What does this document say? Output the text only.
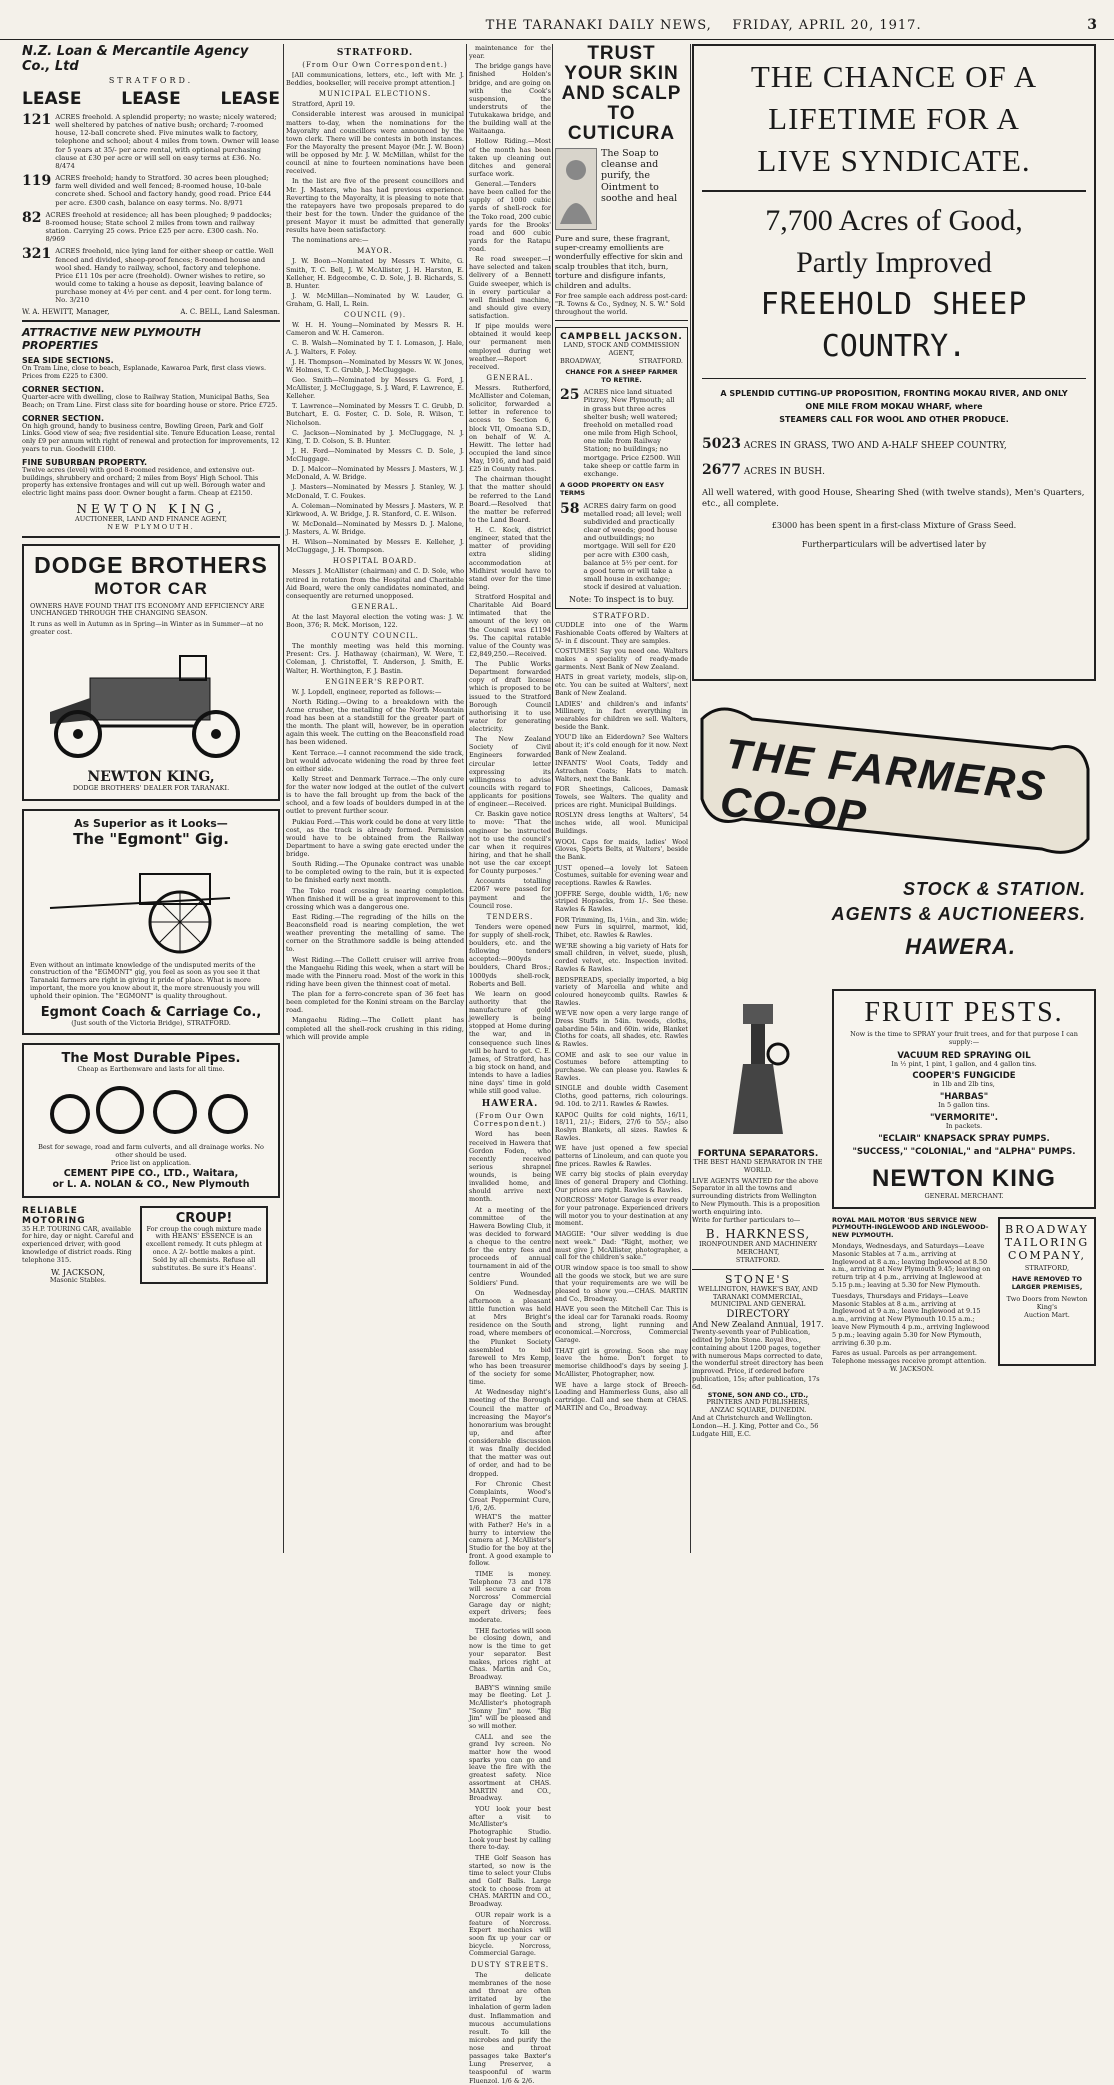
THE TARANAKI DAILY NEWS, FRIDAY, APRIL 20, 1917.	3
N.Z. Loan & Mercantile Agency Co., Ltd
STRATFORD.
LEASE LEASE LEASE
121 ACRES freehold. A splendid property; no waste; nicely watered; well sheltered by patches of native bush; orchard; 7-roomed house, 12-ball concrete shed. Five minutes walk to factory, telephone and school; about 4 miles from town. Owner will lease for 5 years at 35/- per acre rental, with optional purchasing clause at £30 per acre or will sell on easy terms at £36. No. 8/474
119 ACRES freehold; handy to Stratford. 30 acres been ploughed; farm well divided and well fenced; 8-roomed house, 10-bale concrete shed. School and factory handy, good road. Price £44 per acre. £300 cash, balance on easy terms. No. 8/971
82 ACRES freehold at residence; all has been ploughed; 9 paddocks; 8-roomed house; State school 2 miles from town and railway station. Carrying 25 cows. Price £25 per acre. £300 cash. No. 8/969
321 ACRES freehold, nice lying land for either sheep or cattle. Well fenced and divided, sheep-proof fences; 8-roomed house and wool shed. Handy to railway, school, factory and telephone. Price £11 10s per acre (freehold). Owner wishes to retire, so would come to taking a house as deposit, leaving balance of purchase money at 4½ per cent. and 4 per cent. for long term. No. 3/210
W. A. HEWITT, Manager,	A. C. BELL, Land Salesman.
ATTRACTIVE NEW PLYMOUTH PROPERTIES
SEA SIDE SECTIONS.
On Tram Line, close to beach, Esplanade, Kawaroa Park, first class views. Prices from £225 to £300.
CORNER SECTION.
Quarter-acre with dwelling, close to Railway Station, Municipal Baths, Sea Beach; on Tram Line. First class site for boarding house or store. Price £725.
CORNER SECTION.
On high ground, handy to business centre, Bowling Green, Park and Golf Links. Good view of sea; five residential site. Tenure Education Lease, rental only £9 per annum with right of renewal and protection for improvements, 12 years to run. Goodwill £100.
FINE SUBURBAN PROPERTY.
Twelve acres (level) with good 8-roomed residence, and extensive out-buildings, shrubbery and orchard; 2 miles from Boys' High School. This property has extensive frontages and will cut up well. Borough water and electric light mains pass door. Owner bought a farm. Cheap at £2150.
NEWTON KING,
AUCTIONEER, LAND AND FINANCE AGENT,
NEW PLYMOUTH.
DODGE BROTHERS
MOTOR CAR
OWNERS HAVE FOUND THAT ITS ECONOMY AND EFFICIENCY ARE UNCHANGED THROUGH THE CHANGING SEASON.
It runs as well in Autumn as in Spring—in Winter as in Summer—at no greater cost.
NEWTON KING,
DODGE BROTHERS' DEALER FOR TARANAKI.
As Superior as it Looks—
The "Egmont" Gig.
Even without an intimate knowledge of the undisputed merits of the construction of the "EGMONT" gig, you feel as soon as you see it that Taranaki farmers are right in giving it pride of place. What is more important, the more you know about it, the more strenuously you will uphold their opinion. The "EGMONT" is quality throughout.
Egmont Coach & Carriage Co.,
(Just south of the Victoria Bridge), STRATFORD.
The Most Durable Pipes.
Cheap as Earthenware and lasts for all time.
Best for sewage, road and farm culverts, and all drainage works. No other should be used.
Price list on application.
CEMENT PIPE CO., LTD., Waitara,
or L. A. NOLAN & CO., New Plymouth
RELIABLE MOTORING
35 H.P. TOURING CAR, available for hire, day or night. Careful and experienced driver, with good knowledge of district roads. Ring telephone 315.
W. JACKSON,
Masonic Stables.
CROUP!
For croup the cough mixture made with HEANS' ESSENCE is an excellent remedy. It cuts phlegm at once. A 2/- bottle makes a pint. Sold by all chemists. Refuse all substitutes. Be sure it's Heans'.
STRATFORD.
(From Our Own Correspondent.)

[All communications, letters, etc., left with Mr. J. Beddies, bookseller, will receive prompt attention.]

MUNICIPAL ELECTIONS.

Stratford, April 19.

Considerable interest was aroused in municipal matters to-day, when the nominations for the Mayoralty and councillors were announced by the town clerk. There will be contests in both instances. For the Mayoralty the present Mayor (Mr. J. W. Boon) will be opposed by Mr. J. W. McMillan, whilst for the council at nine to fourteen nominations have been received.

In the list are five of the present councillors and Mr. J. Masters, who has had previous experience. Reverting to the Mayoralty, it is pleasing to note that the ratepayers have two proposals prepared to do their best for the town. Under the guidance of the present Mayor it must be admitted that generally results have been satisfactory.

The nominations are:—

MAYOR.

J. W. Boon—Nominated by Messrs T. White, G. Smith, T. C. Bell, J. W. McAllister, J. H. Harston, E. Kelleher, H. Edgecombe, C. D. Sole, J. B. Richards, S. B. Hunter.

J. W. McMillan—Nominated by W. Lauder, G. Graham, G. Hall, L. Rein.

COUNCIL (9).

W. H. H. Young—Nominated by Messrs R. H. Cameron and W. H. Cameron.

C. B. Walsh—Nominated by T. I. Lomason, J. Hale, A. J. Walters, F. Foley.

J. H. Thompson—Nominated by Messrs W. W. Jones, W. Holmes, T. C. Grubb, J. McCluggage.

Geo. Smith—Nominated by Messrs G. Ford, J. McAllister, J. McCluggage, S. J. Ward, F. Lawrence, E. Kelleher.

T. Lawrence—Nominated by Messrs T. C. Grubb, D. Butchart, E. G. Foster, C. D. Sole, R. Wilson, T. Nicholson.

C. Jackson—Nominated by J. McCluggage, N. J. King, T. D. Colson, S. B. Hunter.

J. H. Ford—Nominated by Messrs C. D. Sole, J. McCluggage.

D. J. Malcor—Nominated by Messrs J. Masters, W. J. McDonald, A. W. Bridge.

J. Masters—Nominated by Messrs J. Stanley, W. J. McDonald, T. C. Foukes.

A. Coleman—Nominated by Messrs J. Masters, W. P. Kirkwood, A. W. Bridge, J. R. Stanford, C. E. Wilson.

W. McDonald—Nominated by Messrs D. J. Malone, J. Masters, A. W. Bridge.

H. Wilson—Nominated by Messrs E. Kelleher, J. McCluggage, J. H. Thompson.

HOSPITAL BOARD.

Messrs J. McAllister (chairman) and C. D. Sole, who retired in rotation from the Hospital and Charitable Aid Board, were the only candidates nominated, and consequently are returned unopposed.

GENERAL.

At the last Mayoral election the voting was: J. W. Boon, 376; R. McK. Morison, 122.

COUNTY COUNCIL.

The monthly meeting was held this morning. Present: Crs. J. Hathaway (chairman), W. Were, T. Coleman, J. Christoffel, T. Anderson, J. Smith, E. Walter, H. Worthington, F. J. Bastin.

ENGINEER'S REPORT.

W. J. Lopdell, engineer, reported as follows:—

North Riding.—Owing to a breakdown with the Acme crusher, the metalling of the North Mountain road has been at a standstill for the greater part of the month. The plant will, however, be in operation again this week. The cutting on the Beaconsfield road has been widened.

Kent Terrace.—I cannot recommend the side track, but would advocate widening the road by three feet on either side.

Kelly Street and Denmark Terrace.—The only cure for the water now lodged at the outlet of the culvert is to have the fall brought up from the back of the school, and a few loads of boulders dumped in at the outlet to prevent further scour.

Pukiau Ford.—This work could be done at very little cost, as the track is already formed. Permission would have to be obtained from the Railway Department to have a swing gate erected under the bridge.

South Riding.—The Opunake contract was unable to be completed owing to the rain, but it is expected to be finished early next month.

The Toko road crossing is nearing completion. When finished it will be a great improvement to this crossing which was a dangerous one.

East Riding.—The regrading of the hills on the Beaconsfield road is nearing completion, the wet weather preventing the metalling of same. The corner on the Strathmore saddle is being attended to.

West Riding.—The Collett cruiser will arrive from the Mangaehu Riding this week, when a start will be made with the Pinneru road. Most of the work in this riding have been given the thinnest coat of metal.

The plan for a ferro-concrete span of 36 feet has been completed for the Konini stream on the Barclay road.

Mangaehu Riding.—The Collett plant has completed all the shell-rock crushing in this riding, which will provide ample

maintenance for the year.

The bridge gangs have finished Holden's bridge, and are going on with the Cook's suspension, the understruts of the Tutukakawa bridge, and the building wall at the Waitaanga.

Hollow Riding.—Most of the month has been taken up cleaning out ditches and general surface work.

General.—Tenders have been called for the supply of 1000 cubic yards of shell-rock for the Toko road, 200 cubic yards for the Brooks' road and 600 cubic yards for the Ratapu road.

Re road sweeper.—I have selected and taken delivery of a Bennett Guide sweeper, which is in every particular a well finished machine, and should give every satisfaction.

If pipe moulds were obtained it would keep our permanent men employed during wet weather.—Report received.

GENERAL.

Messrs. Rutherford, McAllister and Coleman, solicitor, forwarded a letter in reference to access to Section 6, block VII, Omoana S.D., on behalf of W. A. Hewitt. The letter had occupied the land since May, 1916, and had paid £25 in County rates.

The chairman thought that the matter should be referred to the Land Board.—Resolved that the matter be referred to the Land Board.

H. C. Kock, district engineer, stated that the matter of providing extra sliding accommodation at Midhirst would have to stand over for the time being.

Stratford Hospital and Charitable Aid Board intimated that the amount of the levy on the Council was £1194 9s. The capital ratable value of the County was £2,849,250.—Received.

The Public Works Department forwarded copy of draft license which is proposed to be issued to the Stratford Borough Council authorising it to use water for generating electricity.

The New Zealand Society of Civil Engineers forwarded circular letter expressing its willingness to advise councils with regard to applicants for positions of engineer.—Received.

Cr. Baskin gave notice to move: "That the engineer be instructed not to use the council's car when it requires hiring, and that he shall not use the car except for County purposes."

Accounts totalling £2067 were passed for payment and the Council rose.

TENDERS.

Tenders were opened for supply of shell-rock, boulders, etc. and the following tenders accepted:—900yds boulders, Chard Bros.; 1000yds shell-rock, Roberts and Bell.

We learn on good authority that the manufacture of gold jewellery is being stopped at Home during the war, and in consequence such lines will be hard to get. C. E. James, of Stratford, has a big stock on hand, and intends to have a ladies nine days' time in gold while still good value.

HAWERA.
(From Our Own Correspondent.)

Word has been received in Hawera that Gordon Foden, who recently received serious shrapnel wounds, is being invalided home, and should arrive next month.

At a meeting of the committee of the Hawera Bowling Club, it was decided to forward a cheque to the centre for the entry fees and proceeds of annual tournament in aid of the centre Wounded Soldiers' Fund.

On Wednesday afternoon a pleasant little function was held at Mrs Bright's residence on the South road, where members of the Plunket Society assembled to bid farewell to Mrs Kemp, who has been treasurer of the society for some time.

At Wednesday night's meeting of the Borough Council the matter of increasing the Mayor's honorarium was brought up, and after considerable discussion it was finally decided that the matter was out of order, and had to be dropped.

For Chronic Chest Complaints, Wood's Great Peppermint Cure, 1/6, 2/6.

WHAT'S the matter with Father? He's in a hurry to interview the camera at J. McAllister's Studio for the boy at the front. A good example to follow.

TIME is money. Telephone 73 and 178 will secure a car from Norcross' Commercial Garage day or night; expert drivers; fees moderate.

THE factories will soon be closing down, and now is the time to get your separator. Best makes, prices right at Chas. Martin and Co., Broadway.

BABY'S winning smile may be fleeting. Let J. McAllister's photograph "Sonny Jim" now. "Big Jim" will be pleased and so will mother.

CALL and see the grand Ivy screen. No matter how the wood sparks you can go and leave the fire with the greatest safety. Nice assortment at CHAS. MARTIN and CO., Broadway.

YOU look your best after a visit to McAllister's Photographic Studio. Look your best by calling there to-day.

THE Golf Season has started, so now is the time to select your Clubs and Golf Balls. Large stock to choose from at CHAS. MARTIN and CO., Broadway.

OUR repair work is a feature of Norcross. Expert mechanics will soon fix up your car or bicycle. Norcross, Commercial Garage.

DUSTY STREETS.

The delicate membranes of the nose and throat are often irritated by the inhalation of germ laden dust. Inflammation and mucous accumulations result. To kill the microbes and purify the nose and throat passages take Baxter's Lung Preserver, a teaspoonful of warm Fluenzol. 1/6 & 2/6.

TRUST YOUR SKIN AND SCALP TO CUTICURA
The Soap to cleanse and purify, the Ointment to soothe and heal
Pure and sure, these fragrant, super-creamy emollients are wonderfully effective for skin and scalp troubles that itch, burn, torture and disfigure infants, children and adults.
For free sample each address post-card: "R. Towns & Co., Sydney, N. S. W." Sold throughout the world.
CAMPBELL JACKSON.
LAND, STOCK AND COMMISSION AGENT,
BROADWAY,	STRATFORD.
CHANCE FOR A SHEEP FARMER TO RETIRE.
25 ACRES nice land situated Pitzroy, New Plymouth; all in grass but three acres shelter bush; well watered; freehold on metalled road one mile from High School, one mile from Railway Station; no buildings; no mortgage. Price £2500. Will take sheep or cattle farm in exchange.
A GOOD PROPERTY ON EASY TERMS
58 ACRES dairy farm on good metalled road; all level; well subdivided and practically clear of weeds; good house and outbuildings; no mortgage. Will sell for £20 per acre with £300 cash, balance at 5½ per cent. for a good term or will take a small house in exchange; stock if desired at valuation.
Note: To inspect is to buy.
STRATFORD.

CUDDLE into one of the Warm Fashionable Coats offered by Walters at 5/- in £ discount. They are samples.

COSTUMES! Say you need one. Walters makes a speciality of ready-made garments. Next Bank of New Zealand.

HATS in great variety, models, slip-on, etc. You can be suited at Walters', next Bank of New Zealand.

LADIES' and children's and infants' Millinery, in fact everything in wearables for children we sell. Walters, beside the Bank.

YOU'D like an Eiderdown? See Walters about it; it's cold enough for it now. Next Bank of New Zealand.

INFANTS' Wool Coats, Teddy and Astrachan Coats; Hats to match. Walters, next the Bank.

FOR Sheetings, Calicoes, Damask Towels, see Walters. The quality and prices are right. Municipal Buildings.

ROSLYN dress lengths at Walters', 54 inches wide, all wool. Municipal Buildings.

WOOL Caps for maids, ladies' Wool Gloves, Sports Belts, at Walters', beside the Bank.

JUST opened—a lovely lot Sateen Costumes, suitable for evening wear and receptions. Rawles & Rawles.

JOFFRE Serge, double width, 1/6; new striped Hopsacks, from 1/-. See these. Rawles & Rawles.

FOR Trimming, Ils, 1½in., and 3in. wide; new Furs in squirrel, marmot, kid, Thibet, etc. Rawles & Rawles.

WE'RE showing a big variety of Hats for small children, in velvet, suede, plush, corded velvet, etc. Inspection invited. Rawles & Rawles.

BEDSPREADS, specially imported, a big variety of Marcella and white and coloured honeycomb quilts. Rawles & Rawles.

WE'VE now open a very large range of Dress Stuffs in 54in. tweeds, cloths, gabardine 54in. and 60in. wide, Blanket Cloths for coats, all shades, etc. Rawles & Rawles.

COME and ask to see our value in Costumes before attempting to purchase. We can please you. Rawles & Rawles.

SINGLE and double width Casement Cloths, good patterns, rich colourings. 9d. 10d. to 2/11. Rawles & Rawles.

KAPOC Quilts for cold nights, 16/11, 18/11, 21/-; Eiders, 27/6 to 55/-; also Roslyn Blankets, all sizes. Rawles & Rawles.

WE have just opened a few special patterns of Linoleum, and can quote you fine prices. Rawles & Rawles.

WE carry big stocks of plain everyday lines of general Drapery and Clothing. Our prices are right. Rawles & Rawles.

NORCROSS' Motor Garage is ever ready for your patronage. Experienced drivers will motor you to your destination at any moment.

MAGGIE: "Our silver wedding is due next week." Dad: "Right, mother, we must give J. McAllister, photographer, a call for the children's sake."

OUR window space is too small to show all the goods we stock, but we are sure that your requirements are we will be pleased to show you.—CHAS. MARTIN and Co., Broadway.

HAVE you seen the Mitchell Car. This is the ideal car for Taranaki roads. Roomy and strong, light running and economical.—Norcross, Commercial Garage.

THAT girl is growing. Soon she may leave the home. Don't forget to memorise childhood's days by seeing J. McAllister, Photographer, now.

WE have a large stock of Breech-Loading and Hammerless Guns, also all cartridge. Call and see them at CHAS. MARTIN and Co., Broadway.

THE CHANCE OF A
LIFETIME FOR A
LIVE SYNDICATE.
7,700 Acres of Good,
Partly Improved
FREEHOLD SHEEP
COUNTRY.
A SPLENDID CUTTING-UP PROPOSITION, FRONTING MOKAU RIVER, AND ONLY
ONE MILE FROM MOKAU WHARF, where
STEAMERS CALL FOR WOOL AND OTHER PRODUCE.
5023 ACRES IN GRASS, TWO AND A-HALF SHEEP COUNTRY,
2677 ACRES IN BUSH.
All well watered, with good House, Shearing Shed (with twelve stands), Men's Quarters, etc., all complete.
£3000 has been spent in a first-class Mixture of Grass Seed.
Furtherparticulars will be advertised later by
THE FARMERS CO-OP
STOCK & STATION.
AGENTS & AUCTIONEERS.
HAWERA.
FORTUNA SEPARATORS.
THE BEST HAND SEPARATOR IN THE WORLD.
LIVE AGENTS WANTED for the above Separator in all the towns and surrounding districts from Wellington to New Plymouth. This is a proposition worth enquiring into.
Write for further particulars to—
B. HARKNESS,
IRONFOUNDER AND MACHINERY MERCHANT,
STRATFORD.
STONE'S
WELLINGTON, HAWKE'S BAY, AND TARANAKI COMMERCIAL, MUNICIPAL AND GENERAL
DIRECTORY
And New Zealand Annual, 1917.
Twenty-seventh year of Publication, edited by John Stone. Royal 8vo., containing about 1200 pages, together with numerous Maps corrected to date, the wonderful street directory has been improved. Price, if ordered before publication, 15s; after publication, 17s 6d.
STONE, SON AND CO., LTD.,
PRINTERS AND PUBLISHERS,
ANZAC SQUARE, DUNEDIN.
And at Christchurch and Wellington. London—H. J. King, Potter and Co., 56 Ludgate Hill, E.C.
FRUIT PESTS.
Now is the time to SPRAY your fruit trees, and for that purpose I can supply:—
VACUUM RED SPRAYING OIL
In ½ pint, 1 pint, 1 gallon, and 4 gallon tins.
COOPER'S FUNGICIDE
in 1lb and 2lb tins,
"HARBAS"
In 5 gallon tins.
"VERMORITE".
In packets.
"ECLAIR" KNAPSACK SPRAY PUMPS.
"SUCCESS," "COLONIAL," and "ALPHA" PUMPS.
NEWTON KING
GENERAL MERCHANT.
ROYAL MAIL MOTOR 'BUS SERVICE NEW PLYMOUTH-INGLEWOOD AND INGLEWOOD-NEW PLYMOUTH.
Mondays, Wednesdays, and Saturdays—Leave Masonic Stables at 7 a.m., arriving at Inglewood at 8 a.m.; leaving Inglewood at 8.50 a.m., arriving at New Plymouth 9.45; leaving on return trip at 4 p.m., arriving at Inglewood at 5.15 p.m.; leaving at 5.30 for New Plymouth.
Tuesdays, Thursdays and Fridays—Leave Masonic Stables at 8 a.m., arriving at Inglewood at 9 a.m.; leave Inglewood at 9.15 a.m., arriving at New Plymouth 10.15 a.m.; leave New Plymouth 4 p.m., arriving Inglewood 5 p.m.; leaving again 5.30 for New Plymouth, arriving 6.30 p.m.
Fares as usual. Parcels as per arrangement. Telephone messages receive prompt attention.
W. JACKSON.
BROADWAY
TAILORING
COMPANY,
STRATFORD,
HAVE REMOVED TO LARGER PREMISES,
Two Doors from Newton King's
Auction Mart.
